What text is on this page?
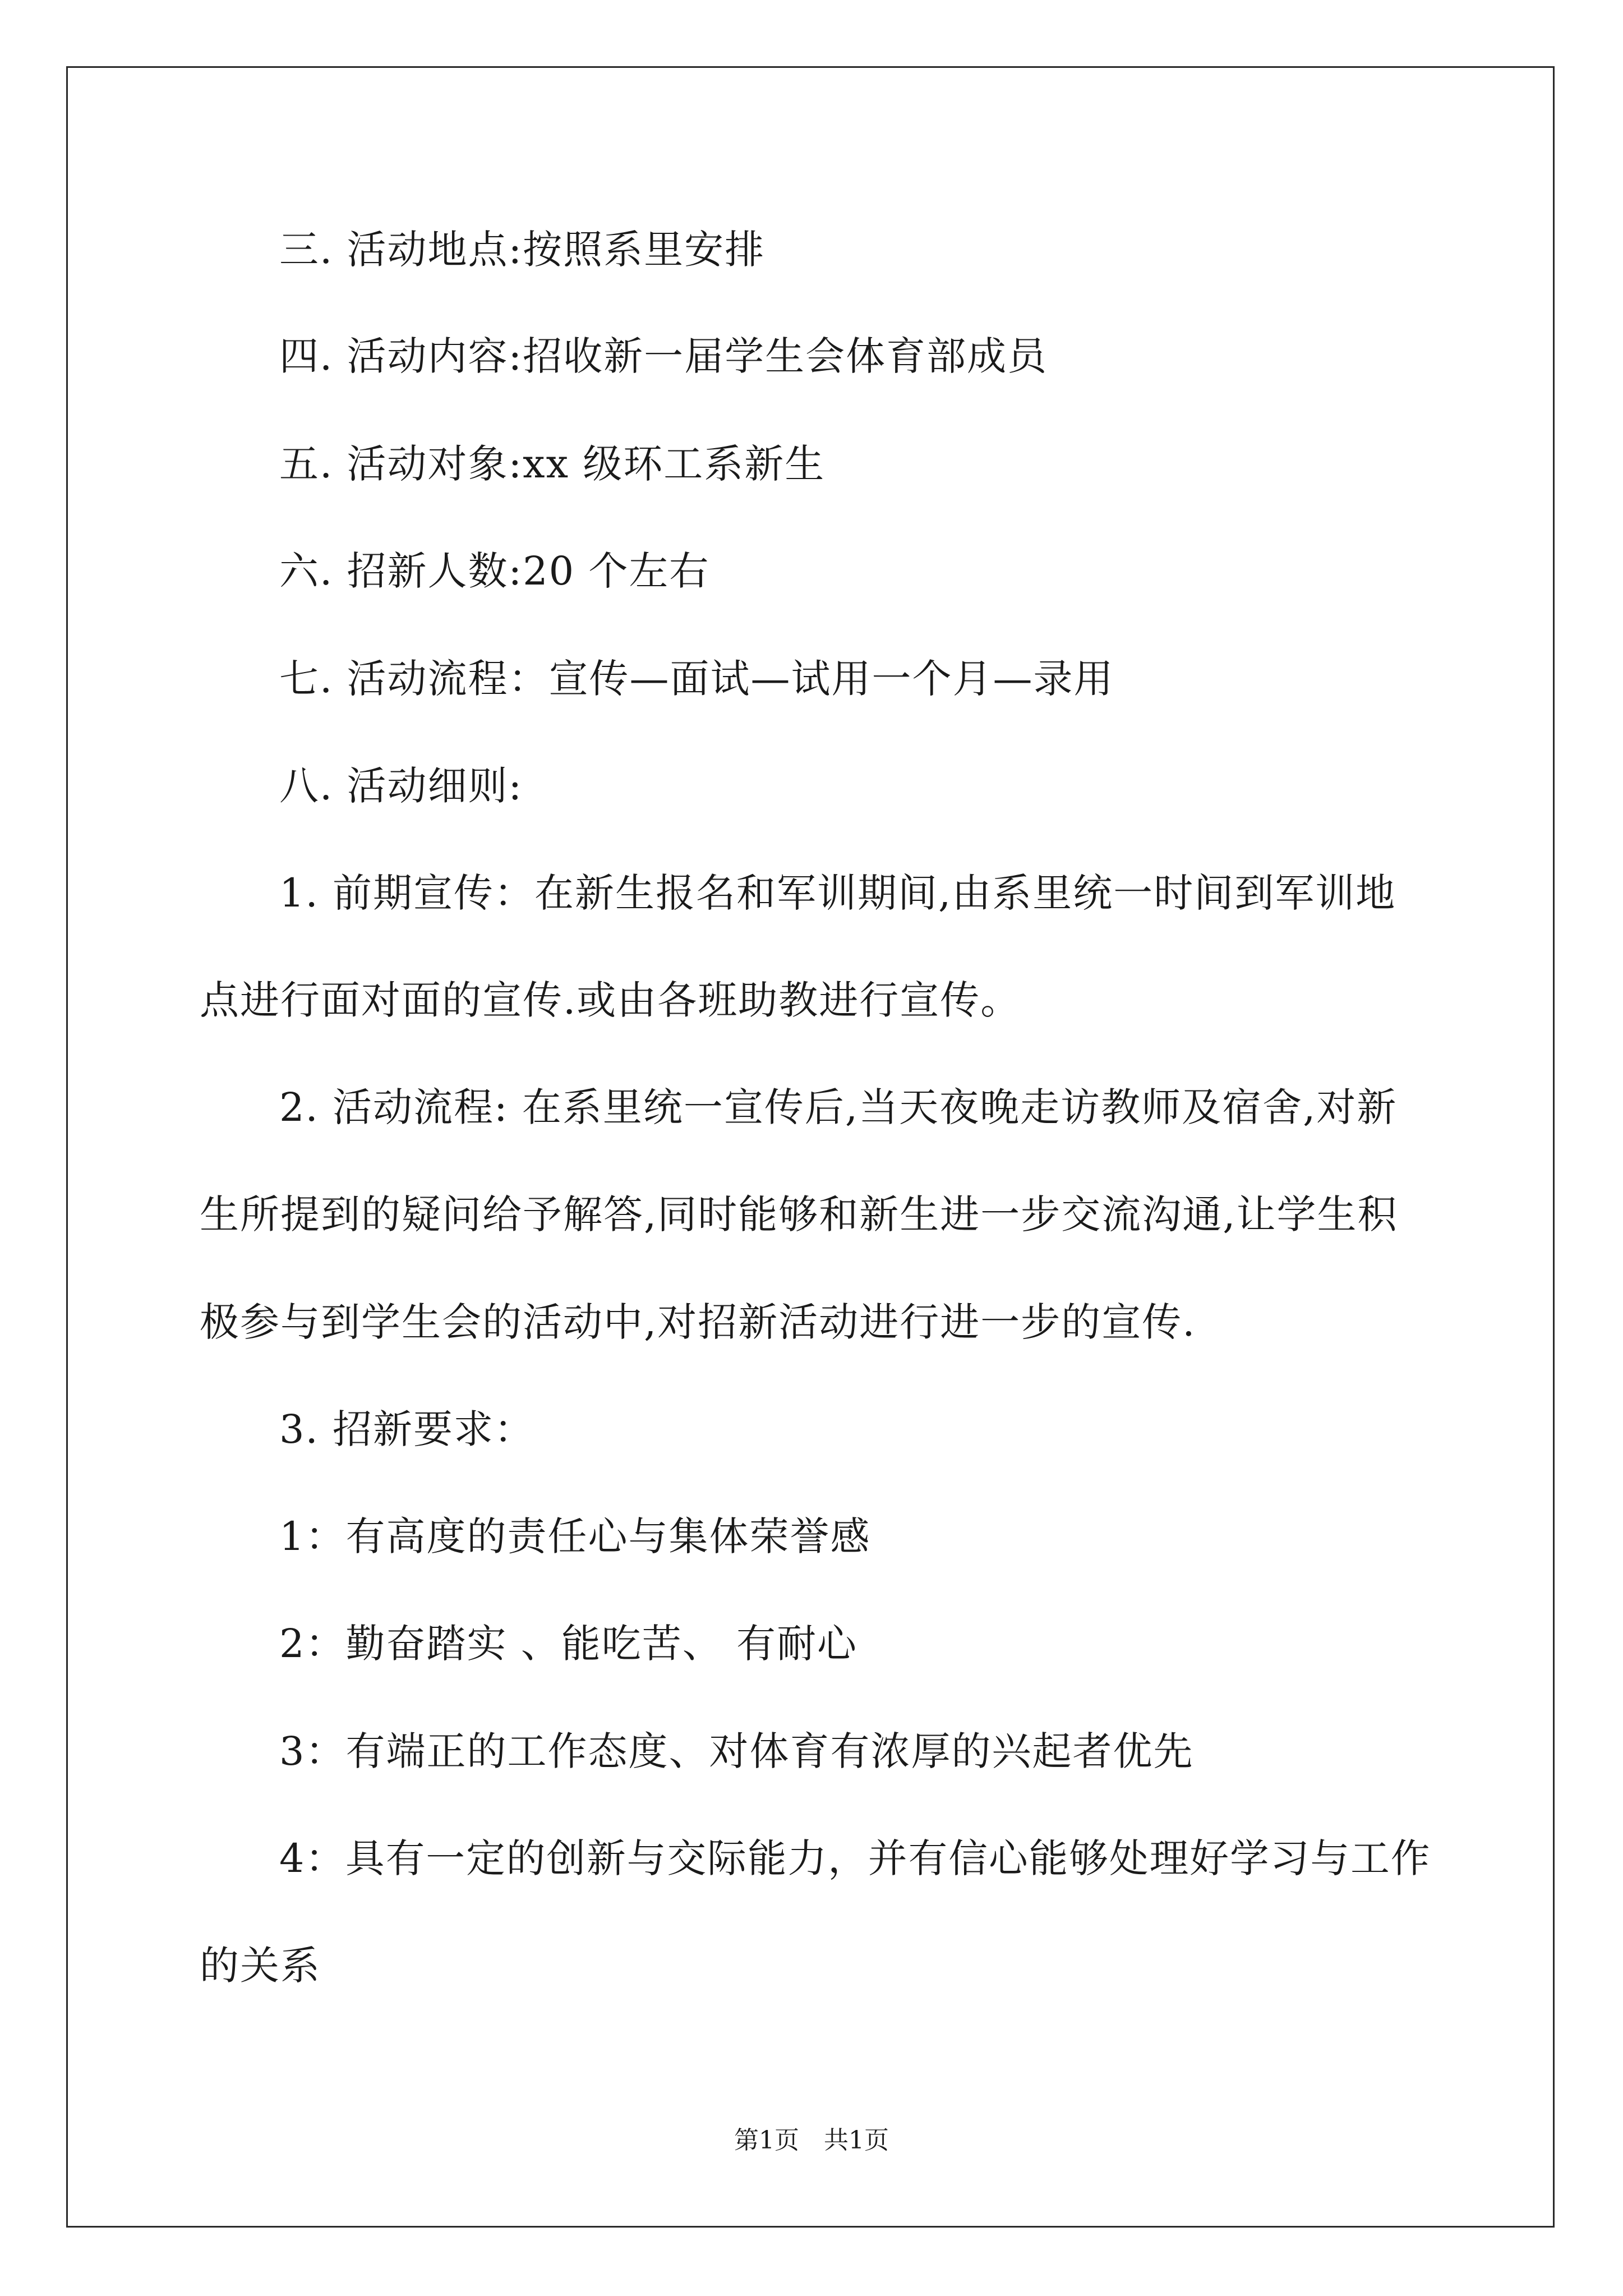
三. 活动地点:按照系里安排
四. 活动内容:招收新一届学生会体育部成员
五. 活动对象:xx 级环工系新生
六. 招新人数:20 个左右
七. 活动流程：宣传—面试—试用一个月—录用
八. 活动细则:
1. 前期宣传：在新生报名和军训期间,由系里统一时间到军训地
点进行面对面的宣传.或由各班助教进行宣传。
2. 活动流程: 在系里统一宣传后,当天夜晚走访教师及宿舍,对新
生所提到的疑问给予解答,同时能够和新生进一步交流沟通,让学生积
极参与到学生会的活动中,对招新活动进行进一步的宣传.
3. 招新要求：
1：有高度的责任心与集体荣誉感
2：勤奋踏实 、能吃苦、 有耐心
3：有端正的工作态度、对体育有浓厚的兴起者优先
4：具有一定的创新与交际能力，并有信心能够处理好学习与工作
的关系
第1页　共1页
